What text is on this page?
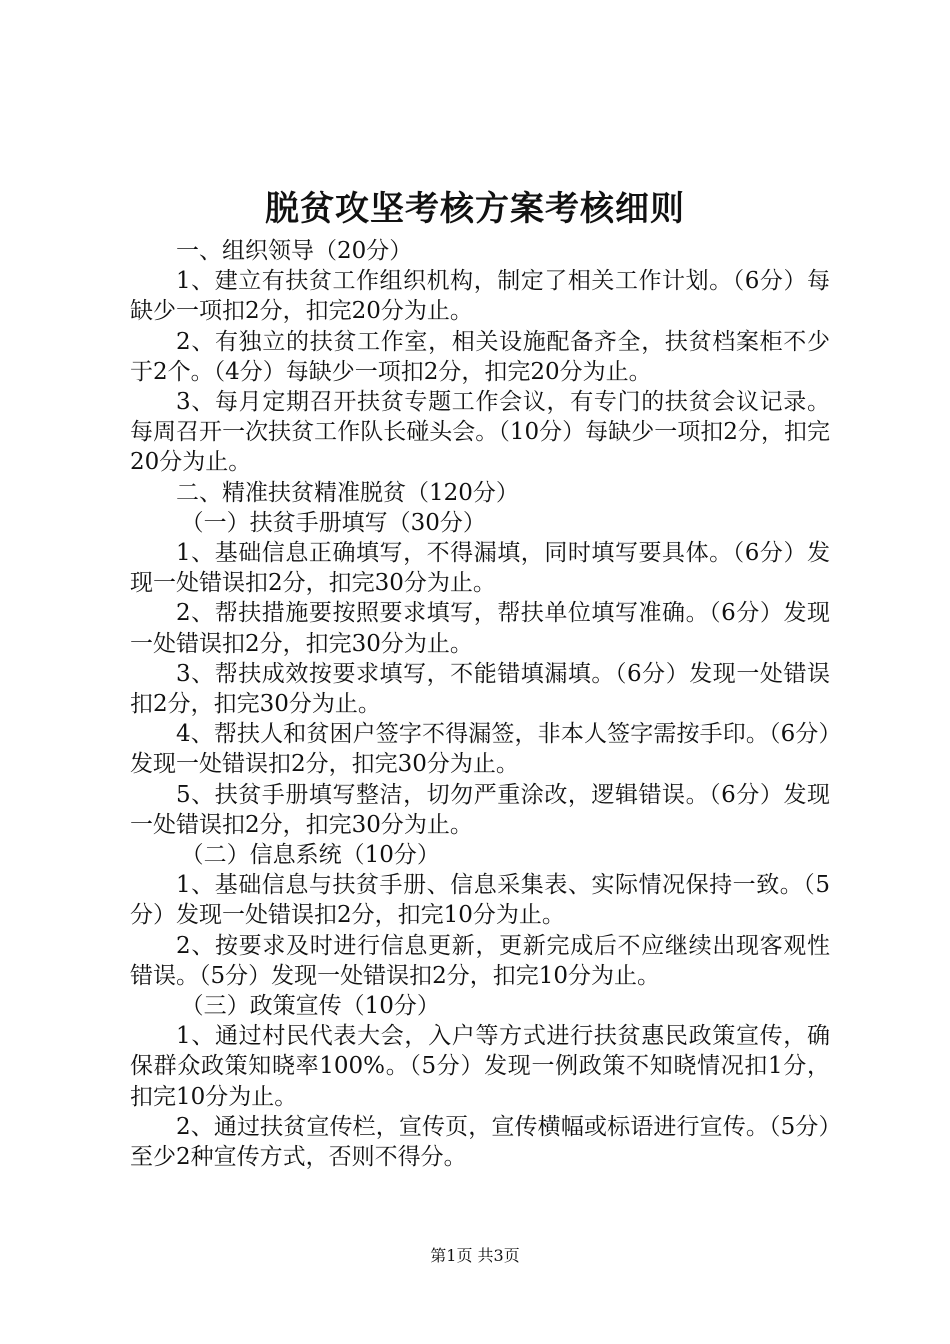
脱贫攻坚考核方案考核细则

一、组织领导（20分）

1、建立有扶贫工作组织机构，制定了相关工作计划。（6分）每缺少一项扣2分，扣完20分为止。

2、有独立的扶贫工作室，相关设施配备齐全，扶贫档案柜不少于2个。（4分）每缺少一项扣2分，扣完20分为止。

3、每月定期召开扶贫专题工作会议，有专门的扶贫会议记录。每周召开一次扶贫工作队长碰头会。（10分）每缺少一项扣2分，扣完20分为止。

二、精准扶贫精准脱贫（120分）

（一）扶贫手册填写（30分）

1、基础信息正确填写，不得漏填，同时填写要具体。（6分）发现一处错误扣2分，扣完30分为止。

2、帮扶措施要按照要求填写，帮扶单位填写准确。（6分）发现一处错误扣2分，扣完30分为止。

3、帮扶成效按要求填写，不能错填漏填。（6分）发现一处错误扣2分，扣完30分为止。

4、帮扶人和贫困户签字不得漏签，非本人签字需按手印。（6分）发现一处错误扣2分，扣完30分为止。

5、扶贫手册填写整洁，切勿严重涂改，逻辑错误。（6分）发现一处错误扣2分，扣完30分为止。

（二）信息系统（10分）

1、基础信息与扶贫手册、信息采集表、实际情况保持一致。（5分）发现一处错误扣2分，扣完10分为止。

2、按要求及时进行信息更新，更新完成后不应继续出现客观性错误。（5分）发现一处错误扣2分，扣完10分为止。

（三）政策宣传（10分）

1、通过村民代表大会，入户等方式进行扶贫惠民政策宣传，确保群众政策知晓率100%。（5分）发现一例政策不知晓情况扣1分，扣完10分为止。

2、通过扶贫宣传栏，宣传页，宣传横幅或标语进行宣传。（5分）至少2种宣传方式，否则不得分。

第1页 共3页
